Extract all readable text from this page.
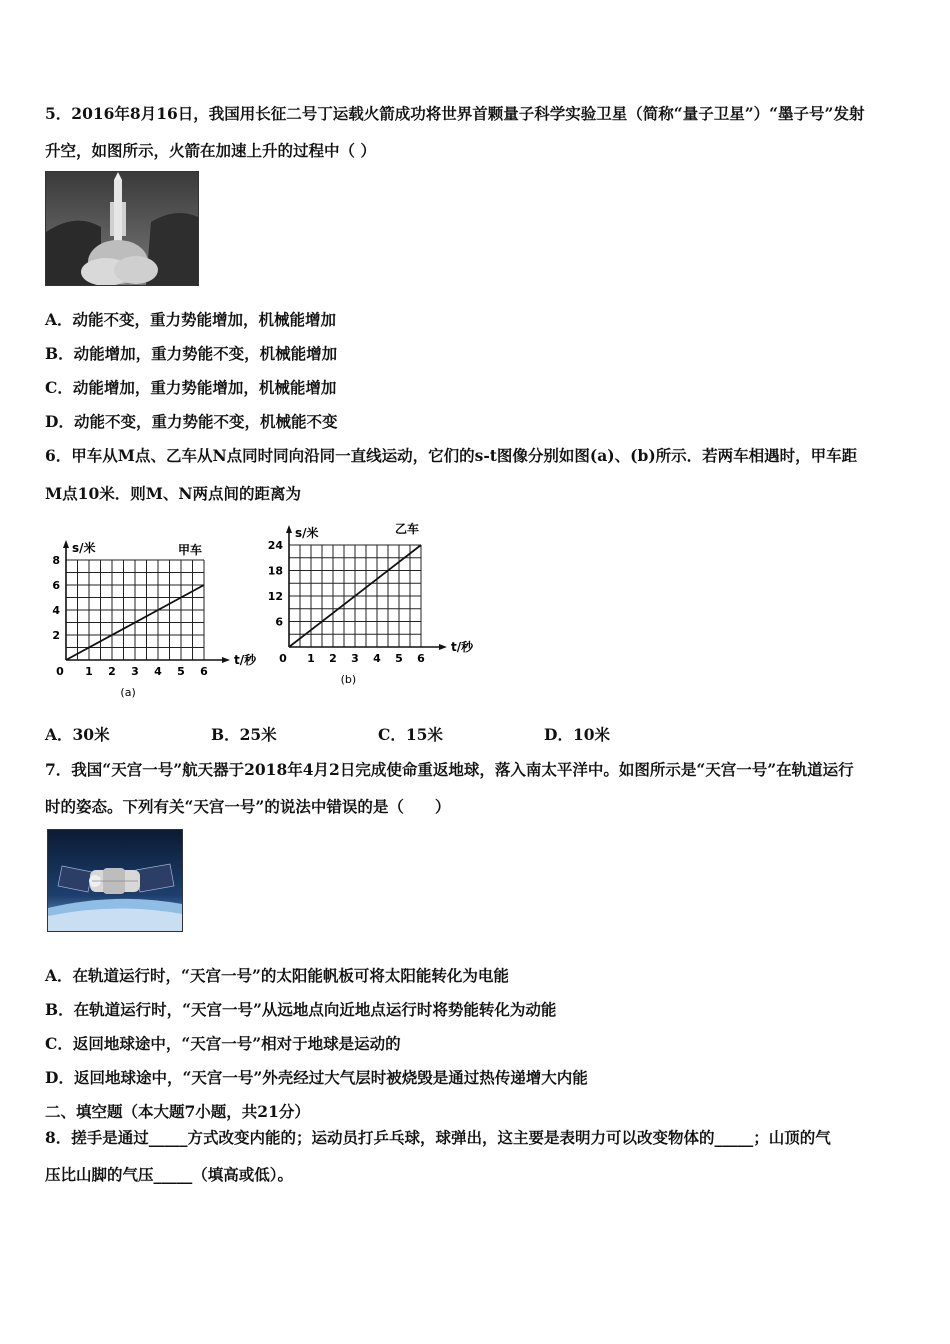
5．2016年8月16日，我国用长征二号丁运载火箭成功将世界首颗量子科学实验卫星（简称“量子卫星”）“墨子号”发射
升空，如图所示，火箭在加速上升的过程中（ ）
A．动能不变，重力势能增加，机械能增加
B．动能增加，重力势能不变，机械能增加
C．动能增加，重力势能增加，机械能增加
D．动能不变，重力势能不变，机械能不变
6．甲车从M点、乙车从N点同时同向沿同一直线运动，它们的s-t图像分别如图(a)、(b)所示．若两车相遇时，甲车距
M点10米．则M、N两点间的距离为
0 1 2 3 4 5 6
2
4
6
8
t/秒
s/米	甲车
(a)
0 1 2 3 4 5 6
6
12
18
24
t/秒
s/米	乙车
(b)
A．30米	B．25米	C．15米	D．10米
7．我国“天宫一号”航天器于2018年4月2日完成使命重返地球，落入南太平洋中。如图所示是“天宫一号”在轨道运行
时的姿态。下列有关“天宫一号”的说法中错误的是（　　）
A．在轨道运行时，“天宫一号”的太阳能帆板可将太阳能转化为电能
B．在轨道运行时，“天宫一号”从远地点向近地点运行时将势能转化为动能
C．返回地球途中，“天宫一号”相对于地球是运动的
D．返回地球途中，“天宫一号”外壳经过大气层时被烧毁是通过热传递增大内能
二、填空题（本大题7小题，共21分）
8．搓手是通过_____方式改变内能的；运动员打乒乓球，球弹出，这主要是表明力可以改变物体的_____；山顶的气
压比山脚的气压_____（填高或低）。
